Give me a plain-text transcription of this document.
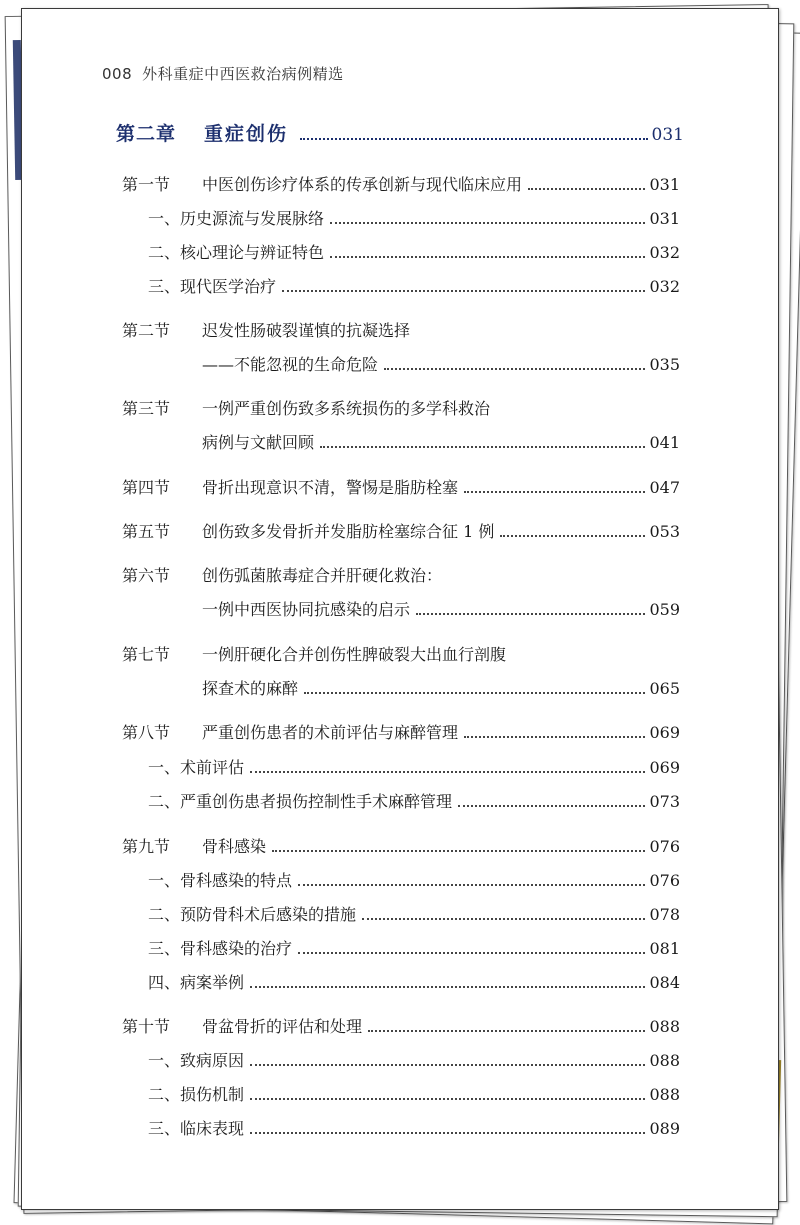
008 外科重症中西医救治病例精选
第二章 重症创伤	031
第一节	中医创伤诊疗体系的传承创新与现代临床应用	031
一、历史源流与发展脉络	031
二、核心理论与辨证特色	032
三、现代医学治疗	032
第二节	迟发性肠破裂谨慎的抗凝选择
——不能忽视的生命危险	035
第三节	一例严重创伤致多系统损伤的多学科救治
病例与文献回顾	041
第四节	骨折出现意识不清，警惕是脂肪栓塞	047
第五节	创伤致多发骨折并发脂肪栓塞综合征 1 例	053
第六节	创伤弧菌脓毒症合并肝硬化救治：
一例中西医协同抗感染的启示	059
第七节	一例肝硬化合并创伤性脾破裂大出血行剖腹
探查术的麻醉	065
第八节	严重创伤患者的术前评估与麻醉管理	069
一、术前评估	069
二、严重创伤患者损伤控制性手术麻醉管理	073
第九节	骨科感染	076
一、骨科感染的特点	076
二、预防骨科术后感染的措施	078
三、骨科感染的治疗	081
四、病案举例	084
第十节	骨盆骨折的评估和处理	088
一、致病原因	088
二、损伤机制	088
三、临床表现	089
